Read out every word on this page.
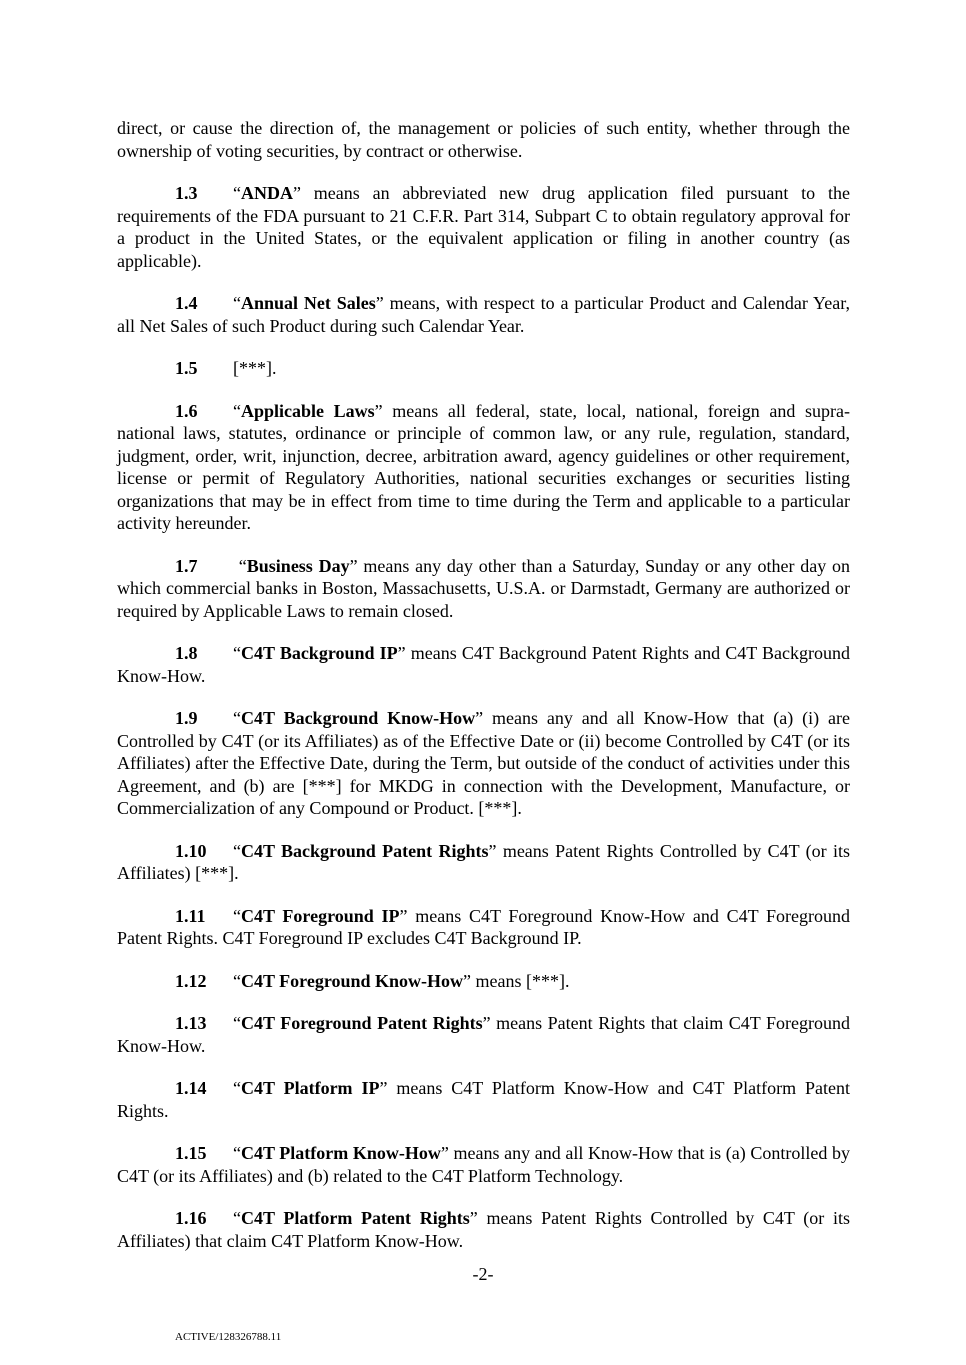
direct, or cause the direction of, the management or policies of such entity, whether through the ownership of voting securities, by contract or otherwise.

1.3 “ANDA” means an abbreviated new drug application filed pursuant to the requirements of the FDA pursuant to 21 C.F.R. Part 314, Subpart C to obtain regulatory approval for a product in the United States, or the equivalent application or filing in another country (as applicable).

1.4 “Annual Net Sales” means, with respect to a particular Product and Calendar Year, all Net Sales of such Product during such Calendar Year.

1.5 [***].

1.6 “Applicable Laws” means all federal, state, local, national, foreign and supra-national laws, statutes, ordinance or principle of common law, or any rule, regulation, standard, judgment, order, writ, injunction, decree, arbitration award, agency guidelines or other requirement, license or permit of Regulatory Authorities, national securities exchanges or securities listing organizations that may be in effect from time to time during the Term and applicable to a particular activity hereunder.

1.7 “Business Day” means any day other than a Saturday, Sunday or any other day on which commercial banks in Boston, Massachusetts, U.S.A. or Darmstadt, Germany are authorized or required by Applicable Laws to remain closed.

1.8 “C4T Background IP” means C4T Background Patent Rights and C4T Background Know-How.

1.9 “C4T Background Know-How” means any and all Know-How that (a) (i) are Controlled by C4T (or its Affiliates) as of the Effective Date or (ii) become Controlled by C4T (or its Affiliates) after the Effective Date, during the Term, but outside of the conduct of activities under this Agreement, and (b) are [***] for MKDG in connection with the Development, Manufacture, or Commercialization of any Compound or Product. [***].

1.10 “C4T Background Patent Rights” means Patent Rights Controlled by C4T (or its Affiliates) [***].

1.11 “C4T Foreground IP” means C4T Foreground Know-How and C4T Foreground Patent Rights. C4T Foreground IP excludes C4T Background IP.

1.12 “C4T Foreground Know-How” means [***].

1.13 “C4T Foreground Patent Rights” means Patent Rights that claim C4T Foreground Know-How.

1.14 “C4T Platform IP” means C4T Platform Know-How and C4T Platform Patent Rights.

1.15 “C4T Platform Know-How” means any and all Know-How that is (a) Controlled by C4T (or its Affiliates) and (b) related to the C4T Platform Technology.

1.16 “C4T Platform Patent Rights” means Patent Rights Controlled by C4T (or its Affiliates) that claim C4T Platform Know-How.

-2-
ACTIVE/128326788.11
